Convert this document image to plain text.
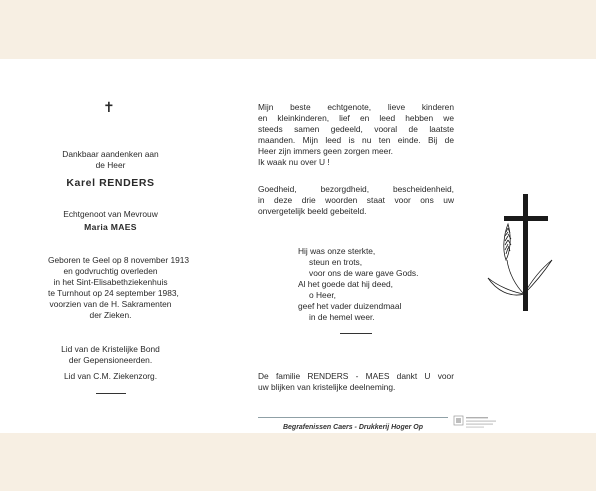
✝
Dankbaar aandenken aan
de Heer
Karel RENDERS
Echtgenoot van Mevrouw
Maria MAES
Geboren te Geel op 8 november 1913
en godvruchtig overleden
in het Sint-Elisabethziekenhuis
te Turnhout op 24 september 1983,
voorzien van de H. Sakramenten
der Zieken.
Lid van de Kristelijke Bond
der Gepensioneerden.
Lid van C.M. Ziekenzorg.
Mijn beste echtgenote, lieve kinderen
en kleinkinderen, lief en leed hebben we
steeds samen gedeeld, vooral de laatste
maanden. Mijn leed is nu ten einde. Bij de
Heer zijn immers geen zorgen meer.
Ik waak nu over U !
Goedheid, bezorgdheid, bescheidenheid,
in deze drie woorden staat voor ons uw
onvergetelijk beeld gebeiteld.
Hij was onze sterkte,
steun en trots,
voor ons de ware gave Gods.
Al het goede dat hij deed,
o Heer,
geef het vader duizendmaal
in de hemel weer.
De familie RENDERS - MAES dankt U voor
uw blijken van kristelijke deelneming.
Begrafenissen Caers - Drukkerij Hoger Op
